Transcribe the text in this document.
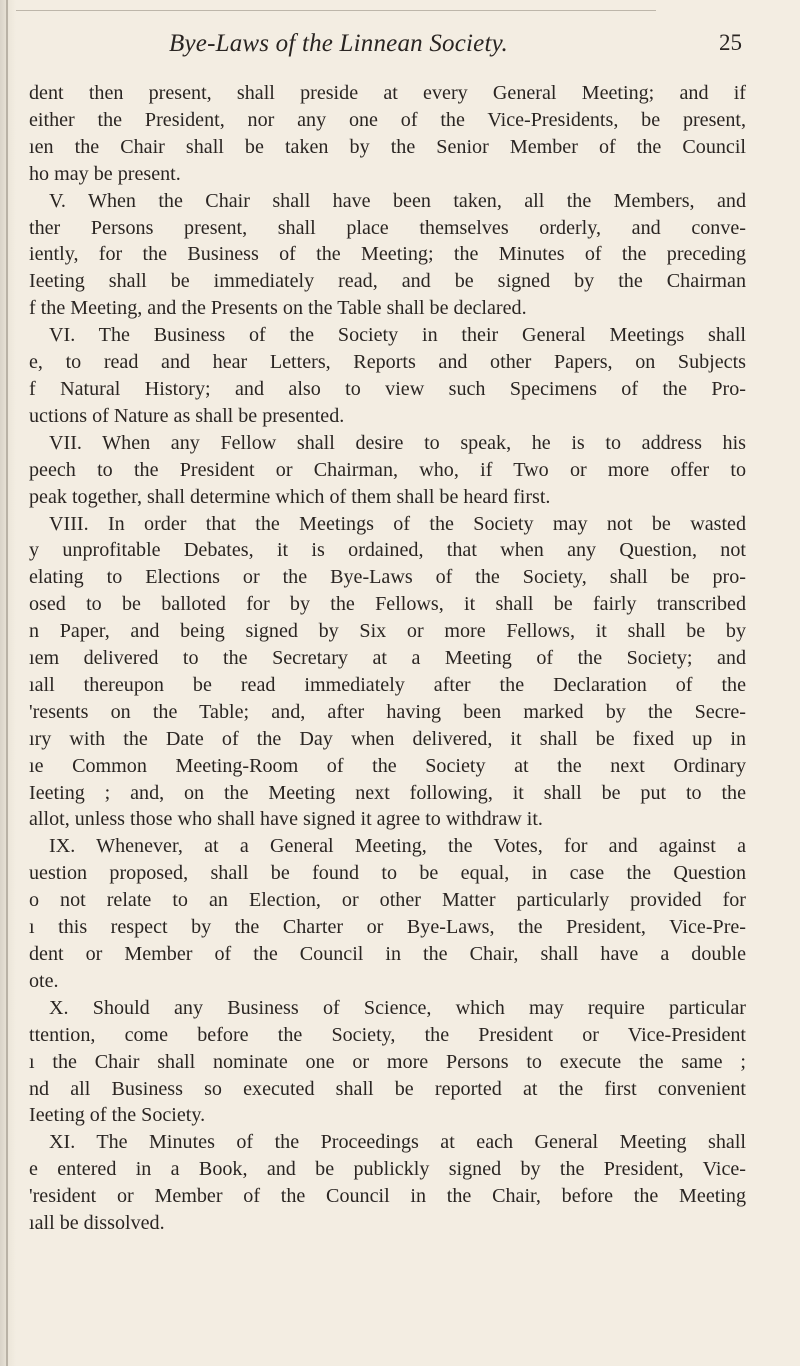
Bye-Laws of the Linnean Society.	25
dent then present, shall preside at every General Meeting; and if
either the President, nor any one of the Vice-Presidents, be present,
ıen the Chair shall be taken by the Senior Member of the Council
ho may be present.
V. When the Chair shall have been taken, all the Members, and
ther Persons present, shall place themselves orderly, and conve-
iently, for the Business of the Meeting; the Minutes of the preceding
Ieeting shall be immediately read, and be signed by the Chairman
f the Meeting, and the Presents on the Table shall be declared.
VI. The Business of the Society in their General Meetings shall
e, to read and hear Letters, Reports and other Papers, on Subjects
f Natural History; and also to view such Specimens of the Pro-
uctions of Nature as shall be presented.
VII. When any Fellow shall desire to speak, he is to address his
peech to the President or Chairman, who, if Two or more offer to
peak together, shall determine which of them shall be heard first.
VIII. In order that the Meetings of the Society may not be wasted
y unprofitable Debates, it is ordained, that when any Question, not
elating to Elections or the Bye-Laws of the Society, shall be pro-
osed to be balloted for by the Fellows, it shall be fairly transcribed
n Paper, and being signed by Six or more Fellows, it shall be by
ıem delivered to the Secretary at a Meeting of the Society; and
ıall thereupon be read immediately after the Declaration of the
'resents on the Table; and, after having been marked by the Secre-
ıry with the Date of the Day when delivered, it shall be fixed up in
ıe Common Meeting-Room of the Society at the next Ordinary
Ieeting ; and, on the Meeting next following, it shall be put to the
allot, unless those who shall have signed it agree to withdraw it.
IX. Whenever, at a General Meeting, the Votes, for and against a
uestion proposed, shall be found to be equal, in case the Question
o not relate to an Election, or other Matter particularly provided for
ı this respect by the Charter or Bye-Laws, the President, Vice-Pre-
dent or Member of the Council in the Chair, shall have a double
ote.
X. Should any Business of Science, which may require particular
ttention, come before the Society, the President or Vice-President
ı the Chair shall nominate one or more Persons to execute the same ;
nd all Business so executed shall be reported at the first convenient
Ieeting of the Society.
XI. The Minutes of the Proceedings at each General Meeting shall
e entered in a Book, and be publickly signed by the President, Vice-
'resident or Member of the Council in the Chair, before the Meeting
ıall be dissolved.
